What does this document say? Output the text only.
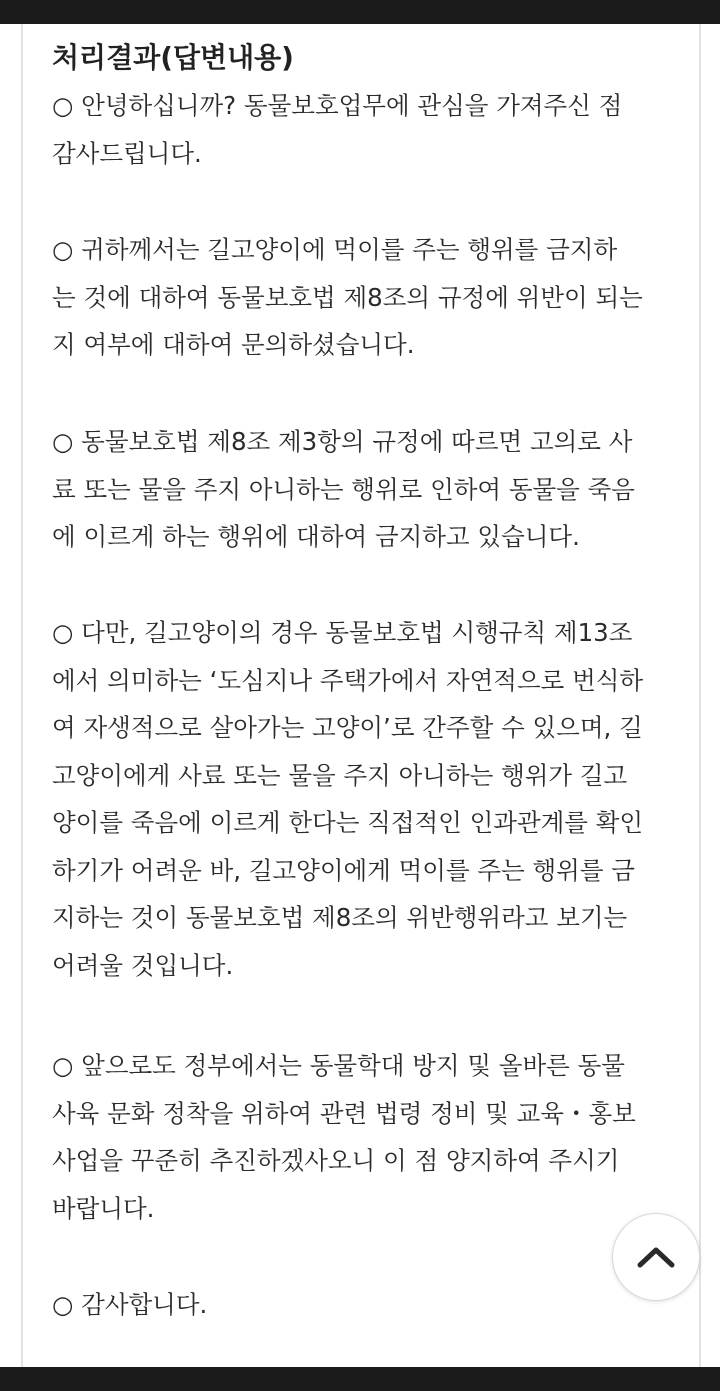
처리결과(답변내용)
○ 안녕하십니까? 동물보호업무에 관심을 가져주신 점
감사드립니다.
○ 귀하께서는 길고양이에 먹이를 주는 행위를 금지하
는 것에 대하여 동물보호법 제8조의 규정에 위반이 되는
지 여부에 대하여 문의하셨습니다.
○ 동물보호법 제8조 제3항의 규정에 따르면 고의로 사
료 또는 물을 주지 아니하는 행위로 인하여 동물을 죽음
에 이르게 하는 행위에 대하여 금지하고 있습니다.
○ 다만, 길고양이의 경우 동물보호법 시행규칙 제13조
에서 의미하는 ‘도심지나 주택가에서 자연적으로 번식하
여 자생적으로 살아가는 고양이’로 간주할 수 있으며, 길
고양이에게 사료 또는 물을 주지 아니하는 행위가 길고
양이를 죽음에 이르게 한다는 직접적인 인과관계를 확인
하기가 어려운 바, 길고양이에게 먹이를 주는 행위를 금
지하는 것이 동물보호법 제8조의 위반행위라고 보기는
어려울 것입니다.
○ 앞으로도 정부에서는 동물학대 방지 및 올바른 동물
사육 문화 정착을 위하여 관련 법령 정비 및 교육・홍보
사업을 꾸준히 추진하겠사오니 이 점 양지하여 주시기
바랍니다.
○ 감사합니다.
